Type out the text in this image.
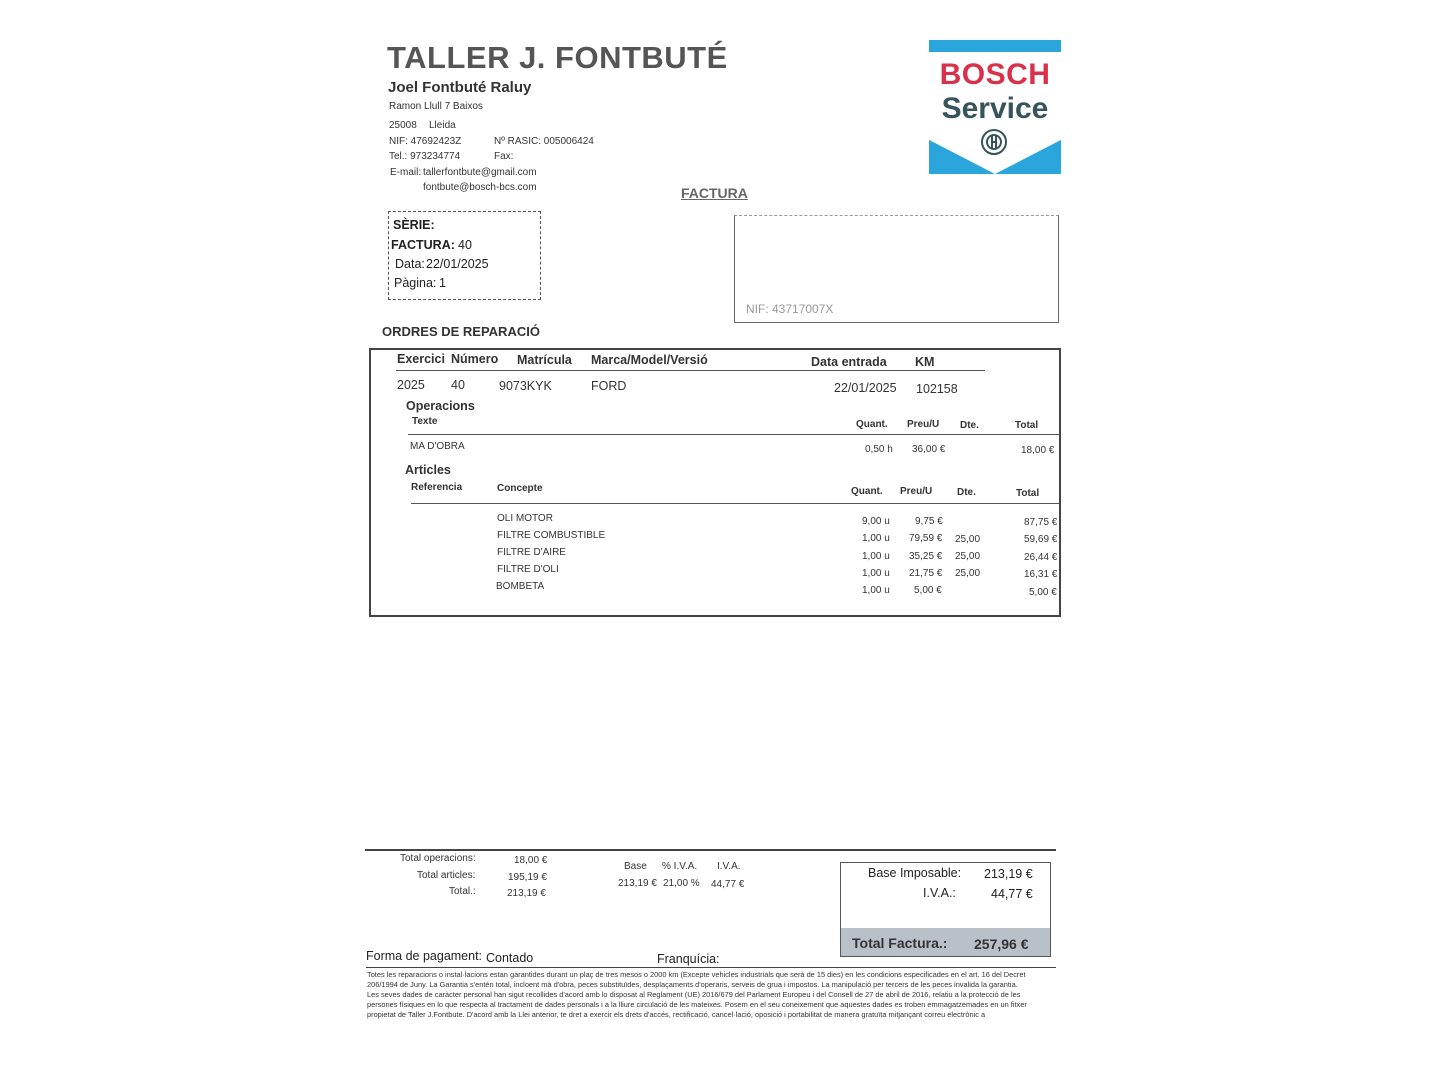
TALLER J. FONTBUTÉ
Joel Fontbuté Raluy
Ramon Llull 7 Baixos
25008 Lleida
NIF: 47692423Z	Nº RASIC: 005006424
Tel.: 973234774	Fax:
E-mail: tallerfontbute@gmail.com
fontbute@bosch-bcs.com
BOSCH
Service
FACTURA
SÈRIE:
FACTURA: 40
Data: 22/01/2025
Pàgina: 1
NIF: 43717007X
ORDRES DE REPARACIÓ
Exercici Número Matrícula Marca/Model/Versió	Data entrada KM
2025 40	9073KYK	FORD	22/01/2025 102158
Operacions
Texte	Quant. Preu/U Dte.	Total
MA D'OBRA	0,50 h 36,00 €	18,00 €
Articles
Referencia	Concepte	Quant. Preu/U Dte.	Total
OLI MOTOR	9,00 u	9,75 €	87,75 €
FILTRE COMBUSTIBLE	1,00 u 79,59 € 25,00	59,69 €
FILTRE D'AIRE	1,00 u 35,25 € 25,00	26,44 €
FILTRE D'OLI	1,00 u 21,75 € 25,00	16,31 €
BOMBETA	1,00 u 5,00 €	5,00 €
Total operacions:	18,00 €
Total articles:	195,19 €
Total.:	213,19 €
Base % I.V.A. I.V.A.
213,19 € 21,00 % 44,77 €
Base Imposable: 213,19 €
I.V.A.:	44,77 €
Total Factura.: 257,96 €
Forma de pagament: Contado	Franquícia:
Totes les reparacions o instal·lacions estan garantides durant un plaç de tres mesos o 2000 km (Excepte vehicles industrials que serà de 15 dies) en les condicions especificades en el art. 16 del Decret
206/1994 de Juny. La Garantia s'entén total, incloent mà d'obra, peces substituïdes, desplaçaments d'operaris, serveis de grua i impostos. La manipulació per tercers de les peces invalida la garantia.
Les seves dades de caràcter personal han sigut recollides d'acord amb lo disposat al Reglament (UE) 2016/679 del Parlament Europeu i del Consell de 27 de abril de 2016, relatiu a la protecció de les
persones físiques en lo que respecta al tractament de dades personals i a la lliure circulació de les mateixes. Posem en el seu coneixement que aquestes dades es troben emmagatzemades en un fitxer
propietat de Taller J.Fontbute. D'acord amb la Llei anterior, te dret a exercir els drets d'accés, rectificació, cancel·lació, oposició i portabilitat de manera gratuïta mitjançant correu electrònic a
